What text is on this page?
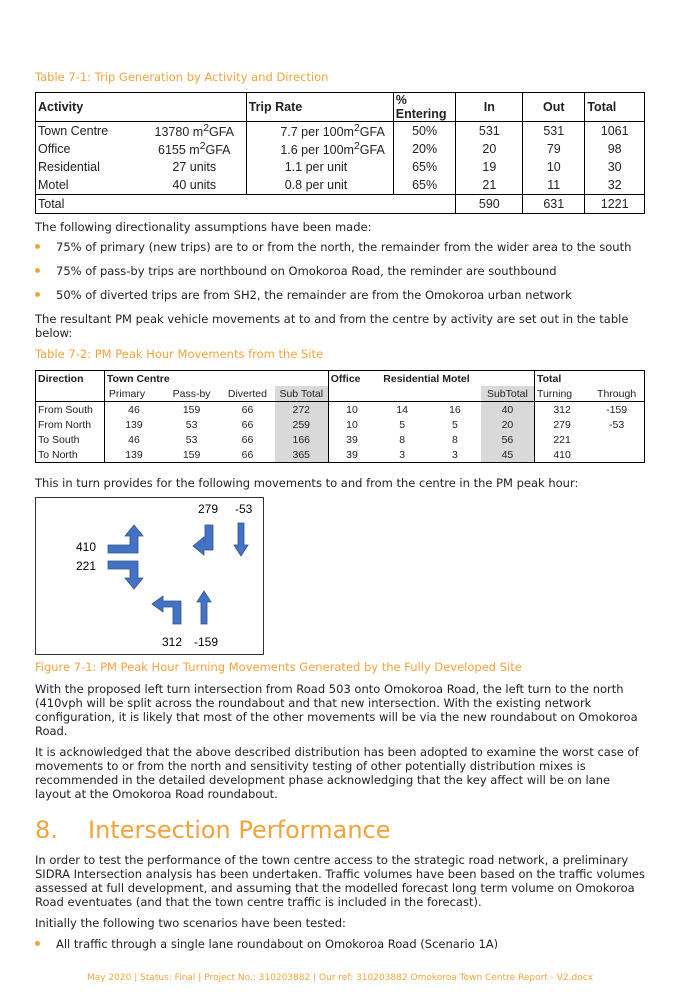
Table 7-1: Trip Generation by Activity and Direction
Activity		Trip Rate	% Entering	In	Out	Total
Town Centre	13780 $m^2GFA$	7.7 per $100m^2GFA$	50%	531	531	1061
Office	6155 $m^2GFA$	1.6 per $100m^2GFA$	20%	20	79	98
Residential	27 units	1.1 per unit	65%	19	10	30
Motel	40 units	0.8 per unit	65%	21	11	32
Total				590	631	1221
The following directionality assumptions have been made:
75% of primary (new trips) are to or from the north, the remainder from the wider area to the south
75% of pass-by trips are northbound on Omokoroa Road, the reminder are southbound
50% of diverted trips are from SH2, the remainder are from the Omokoroa urban network
The resultant PM peak vehicle movements at to and from the centre by activity are set out in the table
below:
Table 7-2: PM Peak Hour Movements from the Site
Direction	Town Centre				Office	Residential Motel			Total	
	Primary	Pass-by	Diverted	Sub Total				SubTotal	Turning	Through
From South	46	159	66	272	10	14	16	40	312	-159
From North	139	53	66	259	10	5	5	20	279	-53
To South	46	53	66	166	39	8	8	56	221	
To North	139	159	66	365	39	3	3	45	410	
This in turn provides for the following movements to and from the centre in the PM peak hour:
279 -53
410
221
312 -159
Figure 7-1: PM Peak Hour Turning Movements Generated by the Fully Developed Site
With the proposed left turn intersection from Road 503 onto Omokoroa Road, the left turn to the north
(410vph will be split across the roundabout and that new intersection. With the existing network
configuration, it is likely that most of the other movements will be via the new roundabout on Omokoroa
Road.
It is acknowledged that the above described distribution has been adopted to examine the worst case of
movements to or from the north and sensitivity testing of other potentially distribution mixes is
recommended in the detailed development phase acknowledging that the key affect will be on lane
layout at the Omokoroa Road roundabout.
8. Intersection Performance
In order to test the performance of the town centre access to the strategic road network, a preliminary
SIDRA Intersection analysis has been undertaken. Traffic volumes have been based on the traffic volumes
assessed at full development, and assuming that the modelled forecast long term volume on Omokoroa
Road eventuates (and that the town centre traffic is included in the forecast).
Initially the following two scenarios have been tested:
All traffic through a single lane roundabout on Omokoroa Road (Scenario 1A)
May 2020 | Status: Final | Project No.: 310203882 | Our ref: 310203882 Omokoroa Town Centre Report - V2.docx
